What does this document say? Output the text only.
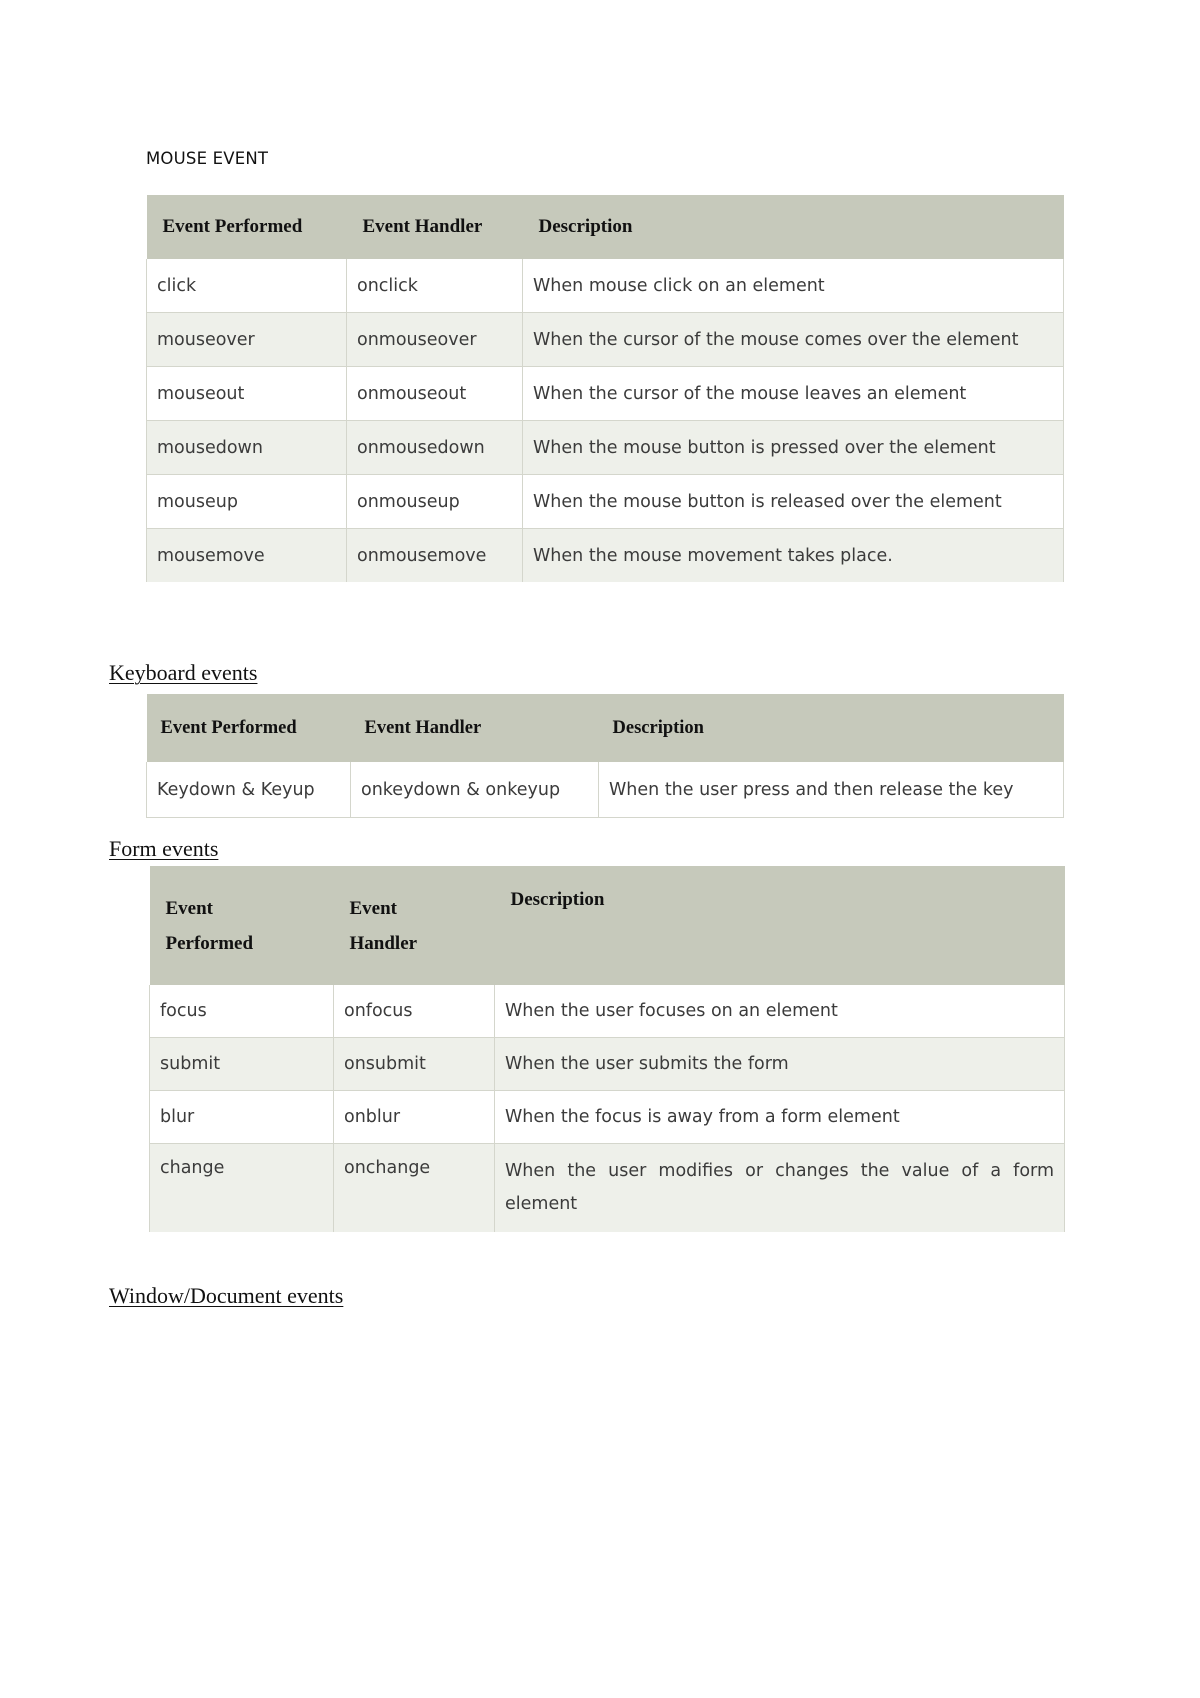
MOUSE EVENT
Event Performed	Event Handler	Description
click	onclick	When mouse click on an element
mouseover	onmouseover	When the cursor of the mouse comes over the element
mouseout	onmouseout	When the cursor of the mouse leaves an element
mousedown	onmousedown	When the mouse button is pressed over the element
mouseup	onmouseup	When the mouse button is released over the element
mousemove	onmousemove	When the mouse movement takes place.
Keyboard events
Event Performed	Event Handler	Description
Keydown & Keyup	onkeydown & onkeyup	When the user press and then release the key
Form events
Event Performed	Event Handler	Description
focus	onfocus	When the user focuses on an element
submit	onsubmit	When the user submits the form
blur	onblur	When the focus is away from a form element
change	onchange	When the user modifies or changes the value of a form element
Window/Document events
